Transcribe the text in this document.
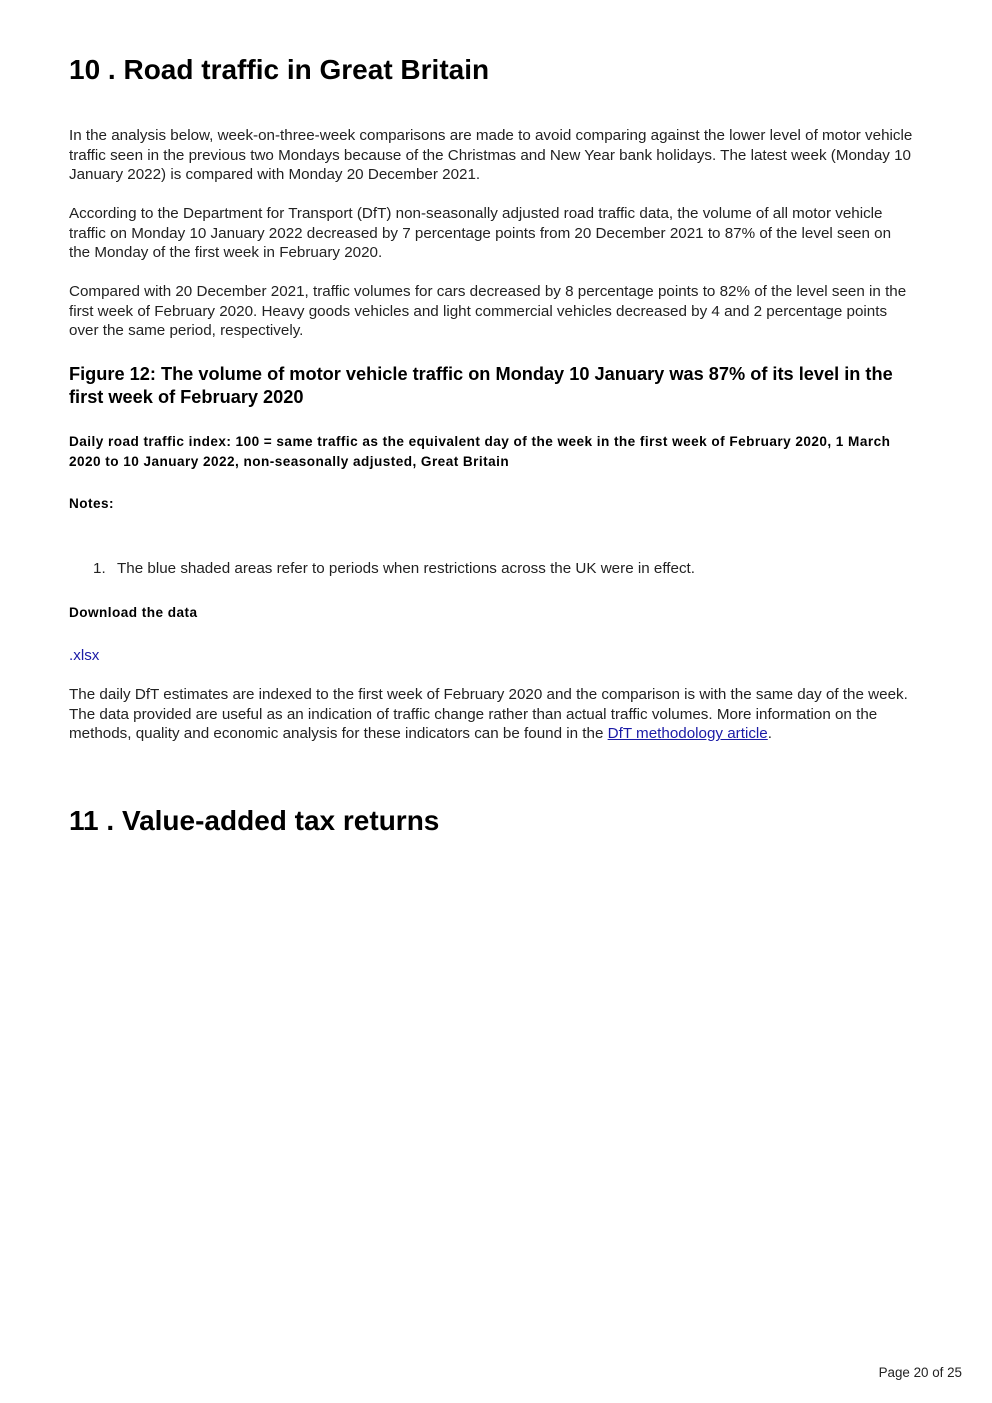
10 . Road traffic in Great Britain

In the analysis below, week-on-three-week comparisons are made to avoid comparing against the lower level of motor vehicle traffic seen in the previous two Mondays because of the Christmas and New Year bank holidays. The latest week (Monday 10 January 2022) is compared with Monday 20 December 2021.

According to the Department for Transport (DfT) non-seasonally adjusted road traffic data, the volume of all motor vehicle traffic on Monday 10 January 2022 decreased by 7 percentage points from 20 December 2021 to 87% of the level seen on the Monday of the first week in February 2020.

Compared with 20 December 2021, traffic volumes for cars decreased by 8 percentage points to 82% of the level seen in the first week of February 2020. Heavy goods vehicles and light commercial vehicles decreased by 4 and 2 percentage points over the same period, respectively.

Figure 12: The volume of motor vehicle traffic on Monday 10 January was 87% of its level in the first week of February 2020

Daily road traffic index: 100 = same traffic as the equivalent day of the week in the first week of February 2020, 1 March 2020 to 10 January 2022, non-seasonally adjusted, Great Britain

Notes:

1. The blue shaded areas refer to periods when restrictions across the UK were in effect.

Download the data

.xlsx

The daily DfT estimates are indexed to the first week of February 2020 and the comparison is with the same day of the week. The data provided are useful as an indication of traffic change rather than actual traffic volumes. More information on the methods, quality and economic analysis for these indicators can be found in the DfT methodology article.

11 . Value-added tax returns
Page 20 of 25
